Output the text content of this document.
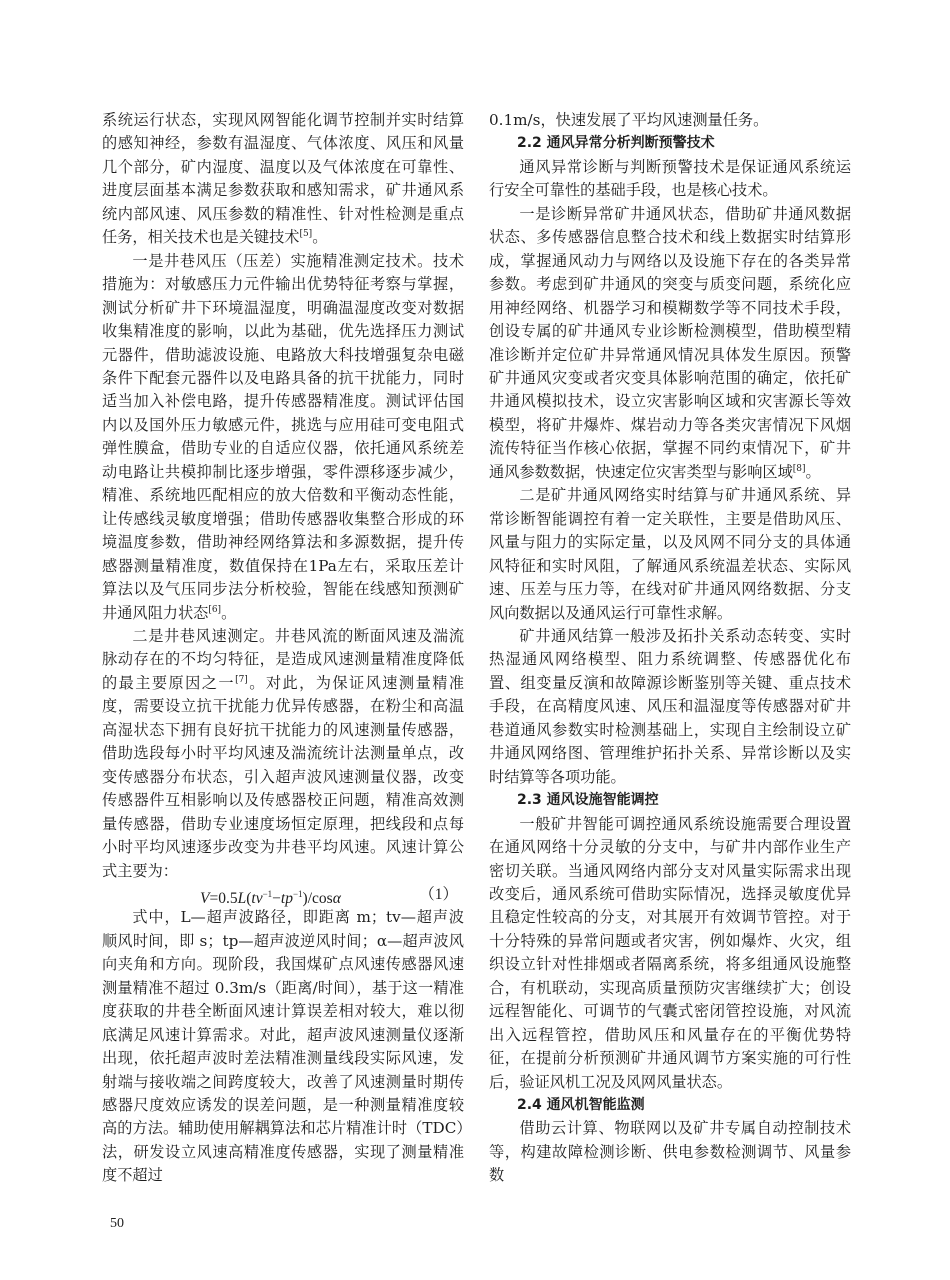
系统运行状态，实现风网智能化调节控制并实时结算的感知神经，参数有温湿度、气体浓度、风压和风量几个部分，矿内湿度、温度以及气体浓度在可靠性、进度层面基本满足参数获取和感知需求，矿井通风系统内部风速、风压参数的精准性、针对性检测是重点任务，相关技术也是关键技术[5]。

一是井巷风压（压差）实施精准测定技术。技术措施为：对敏感压力元件输出优势特征考察与掌握，测试分析矿井下环境温湿度，明确温湿度改变对数据收集精准度的影响，以此为基础，优先选择压力测试元器件，借助滤波设施、电路放大科技增强复杂电磁条件下配套元器件以及电路具备的抗干扰能力，同时适当加入补偿电路，提升传感器精准度。测试评估国内以及国外压力敏感元件，挑选与应用硅可变电阻式弹性膜盒，借助专业的自适应仪器，依托通风系统差动电路让共模抑制比逐步增强，零件漂移逐步减少，精准、系统地匹配相应的放大倍数和平衡动态性能，让传感线灵敏度增强；借助传感器收集整合形成的环境温度参数，借助神经网络算法和多源数据，提升传感器测量精准度，数值保持在1Pa左右，采取压差计算法以及气压同步法分析校验，智能在线感知预测矿井通风阻力状态[6]。

二是井巷风速测定。井巷风流的断面风速及湍流脉动存在的不均匀特征，是造成风速测量精准度降低的最主要原因之一[7]。对此，为保证风速测量精准度，需要设立抗干扰能力优异传感器，在粉尘和高温高湿状态下拥有良好抗干扰能力的风速测量传感器，借助选段每小时平均风速及湍流统计法测量单点，改变传感器分布状态，引入超声波风速测量仪器，改变传感器件互相影响以及传感器校正问题，精准高效测量传感器，借助专业速度场恒定原理，把线段和点每小时平均风速逐步改变为井巷平均风速。风速计算公式主要为：

$V=0.5L(tv^{-1}-tp^{-1})$/cosα	（1）

式中，L—超声波路径，即距离 m；tv—超声波顺风时间，即 s；tp—超声波逆风时间；α—超声波风向夹角和方向。现阶段，我国煤矿点风速传感器风速测量精准不超过 0.3m/s（距离/时间），基于这一精准度获取的井巷全断面风速计算误差相对较大，难以彻底满足风速计算需求。对此，超声波风速测量仪逐渐出现，依托超声波时差法精准测量线段实际风速，发射端与接收端之间跨度较大，改善了风速测量时期传感器尺度效应诱发的误差问题，是一种测量精准度较高的方法。辅助使用解耦算法和芯片精准计时（TDC）法，研发设立风速高精准度传感器，实现了测量精准度不超过

0.1m/s，快速发展了平均风速测量任务。

2.2 通风异常分析判断预警技术

通风异常诊断与判断预警技术是保证通风系统运行安全可靠性的基础手段，也是核心技术。

一是诊断异常矿井通风状态，借助矿井通风数据状态、多传感器信息整合技术和线上数据实时结算形成，掌握通风动力与网络以及设施下存在的各类异常参数。考虑到矿井通风的突变与质变问题，系统化应用神经网络、机器学习和模糊数学等不同技术手段，创设专属的矿井通风专业诊断检测模型，借助模型精准诊断并定位矿井异常通风情况具体发生原因。预警矿井通风灾变或者灾变具体影响范围的确定，依托矿井通风模拟技术，设立灾害影响区域和灾害源长等效模型，将矿井爆炸、煤岩动力等各类灾害情况下风烟流传特征当作核心依据，掌握不同约束情况下，矿井通风参数数据，快速定位灾害类型与影响区域[8]。

二是矿井通风网络实时结算与矿井通风系统、异常诊断智能调控有着一定关联性，主要是借助风压、风量与阻力的实际定量，以及风网不同分支的具体通风特征和实时风阻，了解通风系统温差状态、实际风速、压差与压力等，在线对矿井通风网络数据、分支风向数据以及通风运行可靠性求解。

矿井通风结算一般涉及拓扑关系动态转变、实时热湿通风网络模型、阻力系统调整、传感器优化布置、组变量反演和故障源诊断鉴别等关键、重点技术手段，在高精度风速、风压和温湿度等传感器对矿井巷道通风参数实时检测基础上，实现自主绘制设立矿井通风网络图、管理维护拓扑关系、异常诊断以及实时结算等各项功能。

2.3 通风设施智能调控

一般矿井智能可调控通风系统设施需要合理设置在通风网络十分灵敏的分支中，与矿井内部作业生产密切关联。当通风网络内部分支对风量实际需求出现改变后，通风系统可借助实际情况，选择灵敏度优异且稳定性较高的分支，对其展开有效调节管控。对于十分特殊的异常问题或者灾害，例如爆炸、火灾，组织设立针对性排烟或者隔离系统，将多组通风设施整合，有机联动，实现高质量预防灾害继续扩大；创设远程智能化、可调节的气囊式密闭管控设施，对风流出入远程管控，借助风压和风量存在的平衡优势特征，在提前分析预测矿井通风调节方案实施的可行性后，验证风机工况及风网风量状态。

2.4 通风机智能监测

借助云计算、物联网以及矿井专属自动控制技术等，构建故障检测诊断、供电参数检测调节、风量参数

50
